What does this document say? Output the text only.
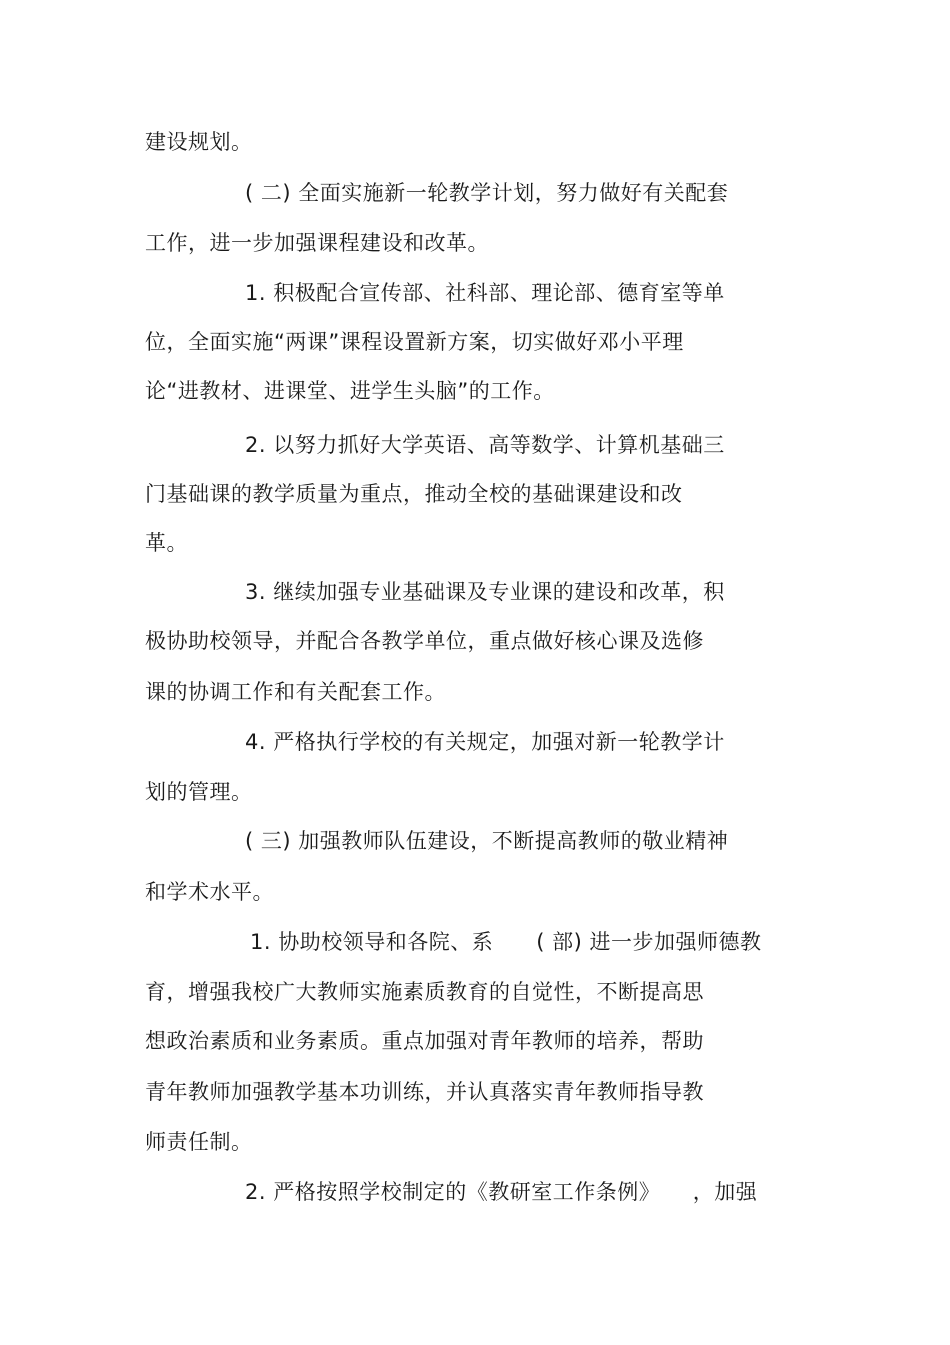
建设规划。
( 二) 全面实施新一轮教学计划，努力做好有关配套
工作，进一步加强课程建设和改革。
1. 积极配合宣传部、社科部、理论部、德育室等单
位，全面实施“两课”课程设置新方案，切实做好邓小平理
论“进教材、进课堂、进学生头脑”的工作。
2. 以努力抓好大学英语、高等数学、计算机基础三
门基础课的教学质量为重点，推动全校的基础课建设和改
革。
3. 继续加强专业基础课及专业课的建设和改革，积
极协助校领导，并配合各教学单位，重点做好核心课及选修
课的协调工作和有关配套工作。
4. 严格执行学校的有关规定，加强对新一轮教学计
划的管理。
( 三) 加强教师队伍建设，不断提高教师的敬业精神
和学术水平。
1. 协助校领导和各院、系　　( 部) 进一步加强师德教
育，增强我校广大教师实施素质教育的自觉性，不断提高思
想政治素质和业务素质。重点加强对青年教师的培养，帮助
青年教师加强教学基本功训练，并认真落实青年教师指导教
师责任制。
2. 严格按照学校制定的《教研室工作条例》　　，加强
